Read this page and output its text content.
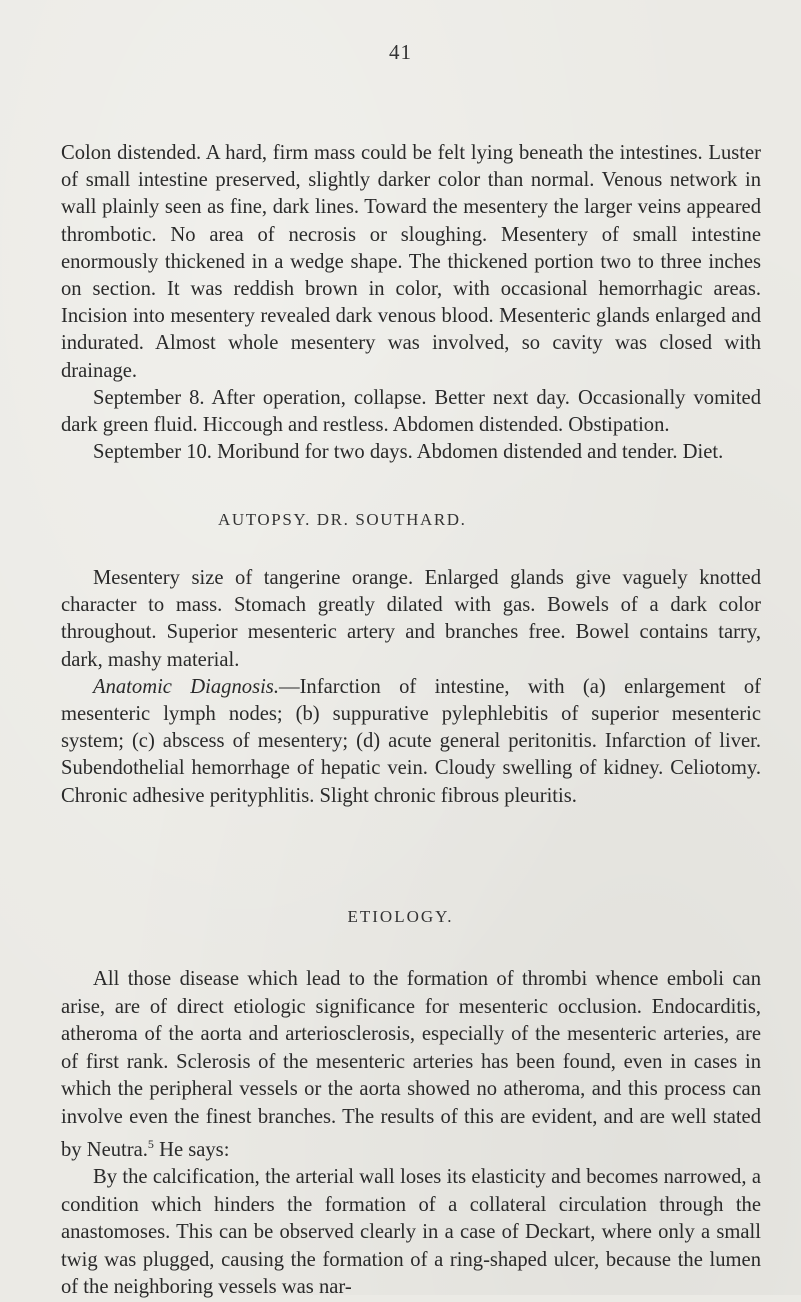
41

Colon distended. A hard, firm mass could be felt lying beneath the intestines. Luster of small intestine preserved, slightly darker color than normal. Venous network in wall plainly seen as fine, dark lines. Toward the mesentery the larger veins appeared thrombotic. No area of necrosis or sloughing. Mesentery of small intestine enormously thickened in a wedge shape. The thickened portion two to three inches on section. It was reddish brown in color, with occasional hemorrhagic areas. Incision into mesentery revealed dark venous blood. Mesenteric glands enlarged and indurated. Almost whole mesentery was involved, so cavity was closed with drainage.

September 8. After operation, collapse. Better next day. Occasionally vomited dark green fluid. Hiccough and restless. Abdomen distended. Obstipation.

September 10. Moribund for two days. Abdomen distended and tender. Diet.

AUTOPSY. DR. SOUTHARD.

Mesentery size of tangerine orange. Enlarged glands give vaguely knotted character to mass. Stomach greatly dilated with gas. Bowels of a dark color throughout. Superior mesenteric artery and branches free. Bowel contains tarry, dark, mashy material.

Anatomic Diagnosis.—Infarction of intestine, with (a) enlargement of mesenteric lymph nodes; (b) suppurative pylephlebitis of superior mesenteric system; (c) abscess of mesentery; (d) acute general peritonitis. Infarction of liver. Subendothelial hemorrhage of hepatic vein. Cloudy swelling of kidney. Celiotomy. Chronic adhesive perityphlitis. Slight chronic fibrous pleuritis.

ETIOLOGY.

All those disease which lead to the formation of thrombi whence emboli can arise, are of direct etiologic significance for mesenteric occlusion. Endocarditis, atheroma of the aorta and arteriosclerosis, especially of the mesenteric arteries, are of first rank. Sclerosis of the mesenteric arteries has been found, even in cases in which the peripheral vessels or the aorta showed no atheroma, and this process can involve even the finest branches. The results of this are evident, and are well stated by Neutra.$^5$ He says:

By the calcification, the arterial wall loses its elasticity and becomes narrowed, a condition which hinders the formation of a collateral circulation through the anastomoses. This can be observed clearly in a case of Deckart, where only a small twig was plugged, causing the formation of a ring-shaped ulcer, because the lumen of the neighboring vessels was nar-
